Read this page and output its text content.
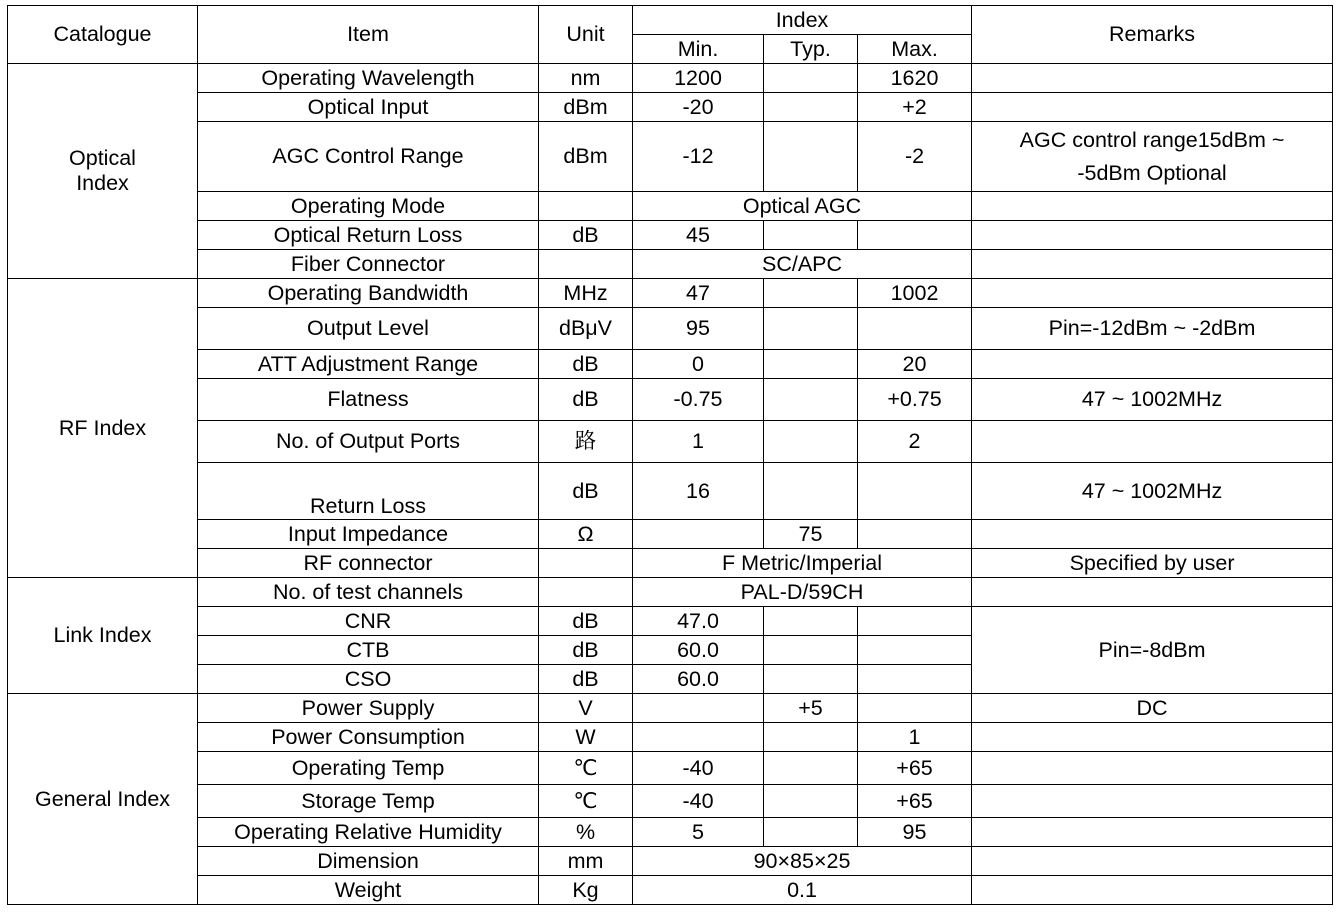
Catalogue	Item	Unit	Index			Remarks
			Min.	Typ.	Max.	
Optical Index	Operating Wavelength	nm	1200		1620	
	Optical Input	dBm	-20		+2	
	AGC Control Range	dBm	-12		-2	AGC control range15dBm ~ -5dBm Optional
	Operating Mode		Optical AGC			
	Optical Return Loss	dB	45			
	Fiber Connector		SC/APC			
RF Index	Operating Bandwidth	MHz	47		1002	
	Output Level	dBμV	95			Pin=-12dBm ~ -2dBm
	ATT Adjustment Range	dB	0		20	
	Flatness	dB	-0.75		+0.75	47 ~ 1002MHz
	No. of Output Ports	路	1		2	
	Return Loss	dB	16			47 ~ 1002MHz
	Input Impedance	Ω		75		
	RF connector		F Metric/Imperial			Specified by user
Link Index	No. of test channels		PAL-D/59CH			
	CNR	dB	47.0			Pin=-8dBm
	CTB	dB	60.0			
	CSO	dB	60.0			
General Index	Power Supply	V		+5		DC
	Power Consumption	W			1	
	Operating Temp	℃	-40		+65	
	Storage Temp	℃	-40		+65	
	Operating Relative Humidity	%	5		95	
	Dimension	mm	90×85×25			
	Weight	Kg	0.1			
